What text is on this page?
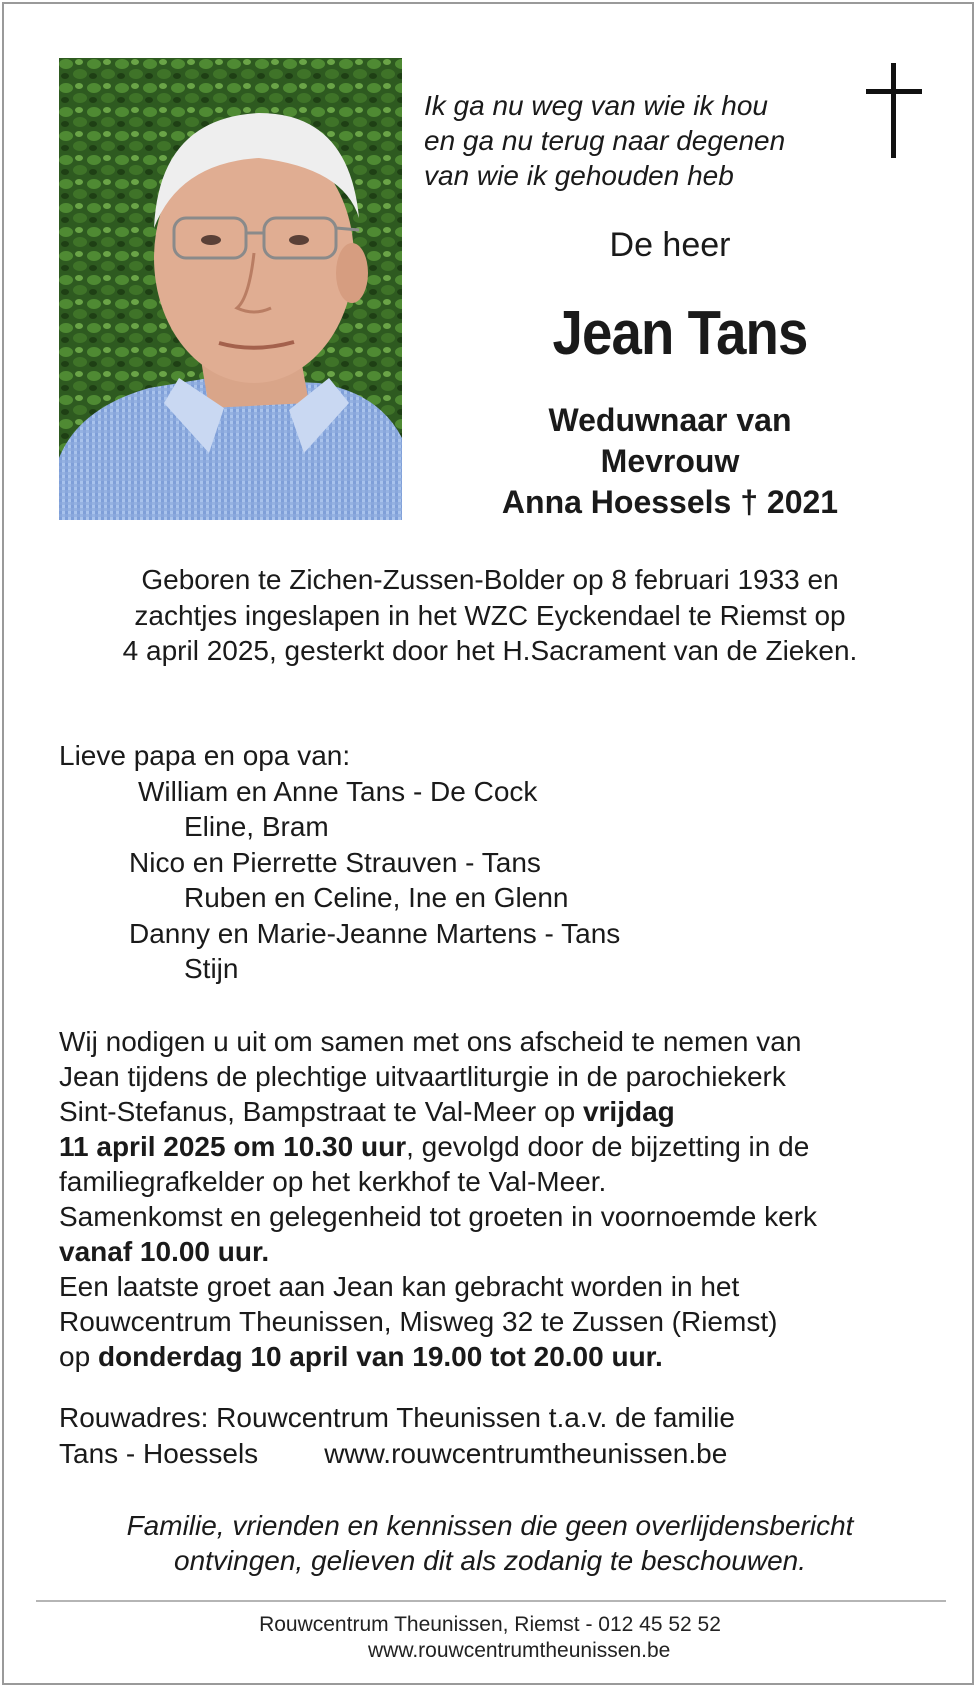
Ik ga nu weg van wie ik hou
en ga nu terug naar degenen
van wie ik gehouden heb
De heer
Jean Tans
Weduwnaar van
Mevrouw
Anna Hoessels † 2021
Geboren te Zichen-Zussen-Bolder op 8 februari 1933 en
zachtjes ingeslapen in het WZC Eyckendael te Riemst op
4 april 2025, gesterkt door het H.Sacrament van de Zieken.
Lieve papa en opa van:
William en Anne Tans - De Cock
Eline, Bram
Nico en Pierrette Strauven - Tans
Ruben en Celine, Ine en Glenn
Danny en Marie-Jeanne Martens - Tans
Stijn
Wij nodigen u uit om samen met ons afscheid te nemen van
Jean tijdens de plechtige uitvaartliturgie in de parochiekerk
Sint-Stefanus, Bampstraat te Val-Meer op vrijdag
11 april 2025 om 10.30 uur, gevolgd door de bijzetting in de
familiegrafkelder op het kerkhof te Val-Meer.
Samenkomst en gelegenheid tot groeten in voornoemde kerk
vanaf 10.00 uur.
Een laatste groet aan Jean kan gebracht worden in het
Rouwcentrum Theunissen, Misweg 32 te Zussen (Riemst)
op donderdag 10 april van 19.00 tot 20.00 uur.
Rouwadres: Rouwcentrum Theunissen t.a.v. de familie
Tans - Hoessels www.rouwcentrumtheunissen.be
Familie, vrienden en kennissen die geen overlijdensbericht
ontvingen, gelieven dit als zodanig te beschouwen.
Rouwcentrum Theunissen, Riemst - 012 45 52 52
www.rouwcentrumtheunissen.be
